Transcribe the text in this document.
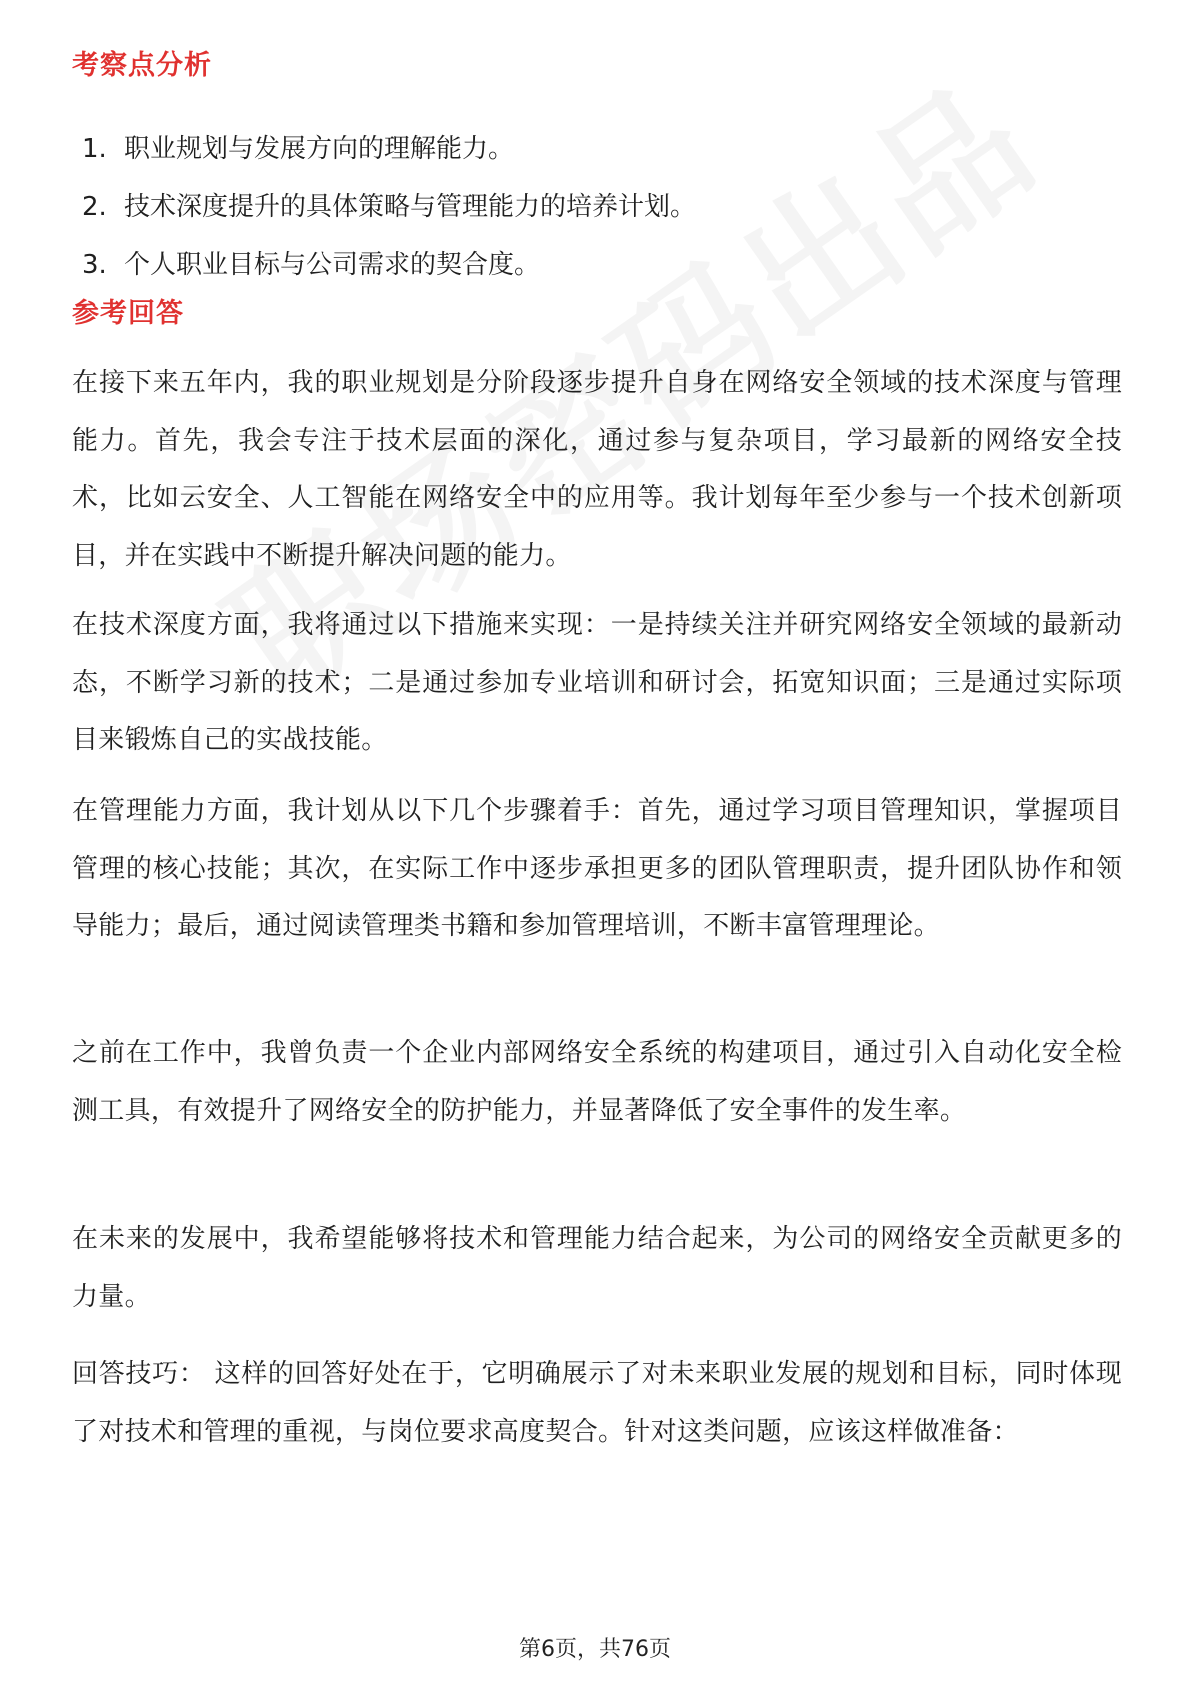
考察点分析
1. 职业规划与发展方向的理解能力。
2. 技术深度提升的具体策略与管理能力的培养计划。
3. 个人职业目标与公司需求的契合度。
参考回答

在接下来五年内，我的职业规划是分阶段逐步提升自身在网络安全领域的技术深度与管理能力。首先，我会专注于技术层面的深化，通过参与复杂项目，学习最新的网络安全技术，比如云安全、人工智能在网络安全中的应用等。我计划每年至少参与一个技术创新项目，并在实践中不断提升解决问题的能力。

在技术深度方面，我将通过以下措施来实现：一是持续关注并研究网络安全领域的最新动态，不断学习新的技术；二是通过参加专业培训和研讨会，拓宽知识面；三是通过实际项目来锻炼自己的实战技能。

在管理能力方面，我计划从以下几个步骤着手：首先，通过学习项目管理知识，掌握项目管理的核心技能；其次，在实际工作中逐步承担更多的团队管理职责，提升团队协作和领导能力；最后，通过阅读管理类书籍和参加管理培训，不断丰富管理理论。

之前在工作中，我曾负责一个企业内部网络安全系统的构建项目，通过引入自动化安全检测工具，有效提升了网络安全的防护能力，并显著降低了安全事件的发生率。

在未来的发展中，我希望能够将技术和管理能力结合起来，为公司的网络安全贡献更多的力量。

回答技巧： 这样的回答好处在于，它明确展示了对未来职业发展的规划和目标，同时体现了对技术和管理的重视，与岗位要求高度契合。针对这类问题，应该这样做准备：

第6页，共76页
